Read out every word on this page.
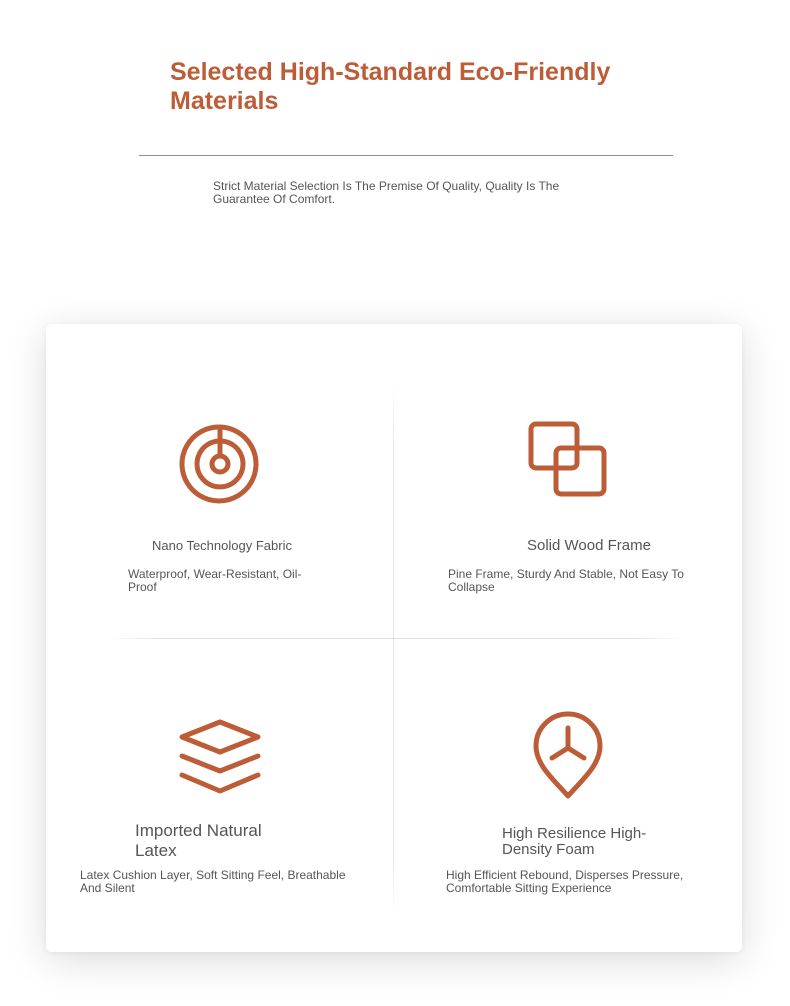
Selected High-Standard Eco-Friendly Materials
Strict Material Selection Is The Premise Of Quality, Quality Is The Guarantee Of Comfort.
Nano Technology Fabric
Waterproof, Wear-Resistant, Oil-Proof
Solid Wood Frame
Pine Frame, Sturdy And Stable, Not Easy To Collapse
Imported Natural Latex
Latex Cushion Layer, Soft Sitting Feel, Breathable And Silent
High Resilience High-Density Foam
High Efficient Rebound, Disperses Pressure, Comfortable Sitting Experience
